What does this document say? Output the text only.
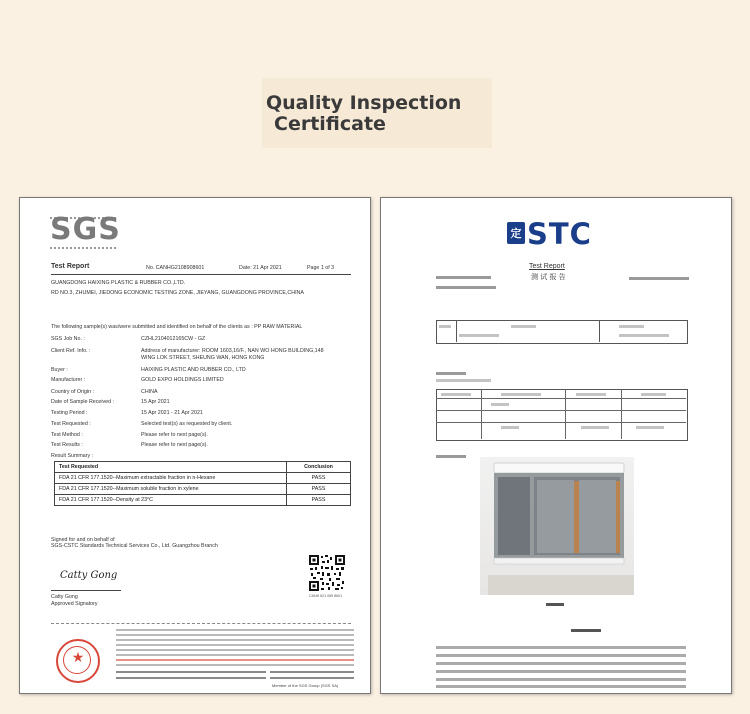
Quality Inspection
Certificate
SGS
Test Report	No. CANHG2108908601	Date: 21 Apr 2021	Page 1 of 3
GUANGDONG HAIXING PLASTIC & RUBBER CO.,LTD.
RD NO.3, ZHUMEI, JIEDONG ECONOMIC TESTING ZONE, JIEYANG, GUANGDONG PROVINCE,CHINA
The following sample(s) was/were submitted and identified on behalf of the clients as : PP RAW MATERIAL
SGS Job No. :	CZHL2104012165CW - GZ
Client Ref. Info. :	Address of manufacturer: ROOM 1603,16/F., NAN WO HONG BUILDING,148
WING LOK STREET, SHEUNG WAN, HONG KONG
Buyer :	HAIXING PLASTIC AND RUBBER CO., LTD
Manufacturer :	GOLD EXPO HOLDINGS LIMITED
Country of Origin :	CHINA
Date of Sample Received :	15 Apr 2021
Testing Period :	15 Apr 2021 - 21 Apr 2021
Test Requested :	Selected test(s) as requested by client.
Test Method :	Please refer to next page(s).
Test Results :	Please refer to next page(s).
Result Summary :
Test Requested	Conclusion
FDA 21 CFR 177.1520--Maximum extractable fraction in n-Hexane	PASS
FDA 21 CFR 177.1520--Maximum soluble fraction in xylene	PASS
FDA 21 CFR 177.1520--Density at 23°C	PASS
Signed for and on behalf of
SGS-CSTC Standards Technical Services Co., Ltd. Guangzhou Branch
Catty Gong
Catty Gong
Approved Signatory
CANH 621 089 8601
★
Member of the SGS Group (SGS SA)
定 STC
Test Report
测 试 报 告
